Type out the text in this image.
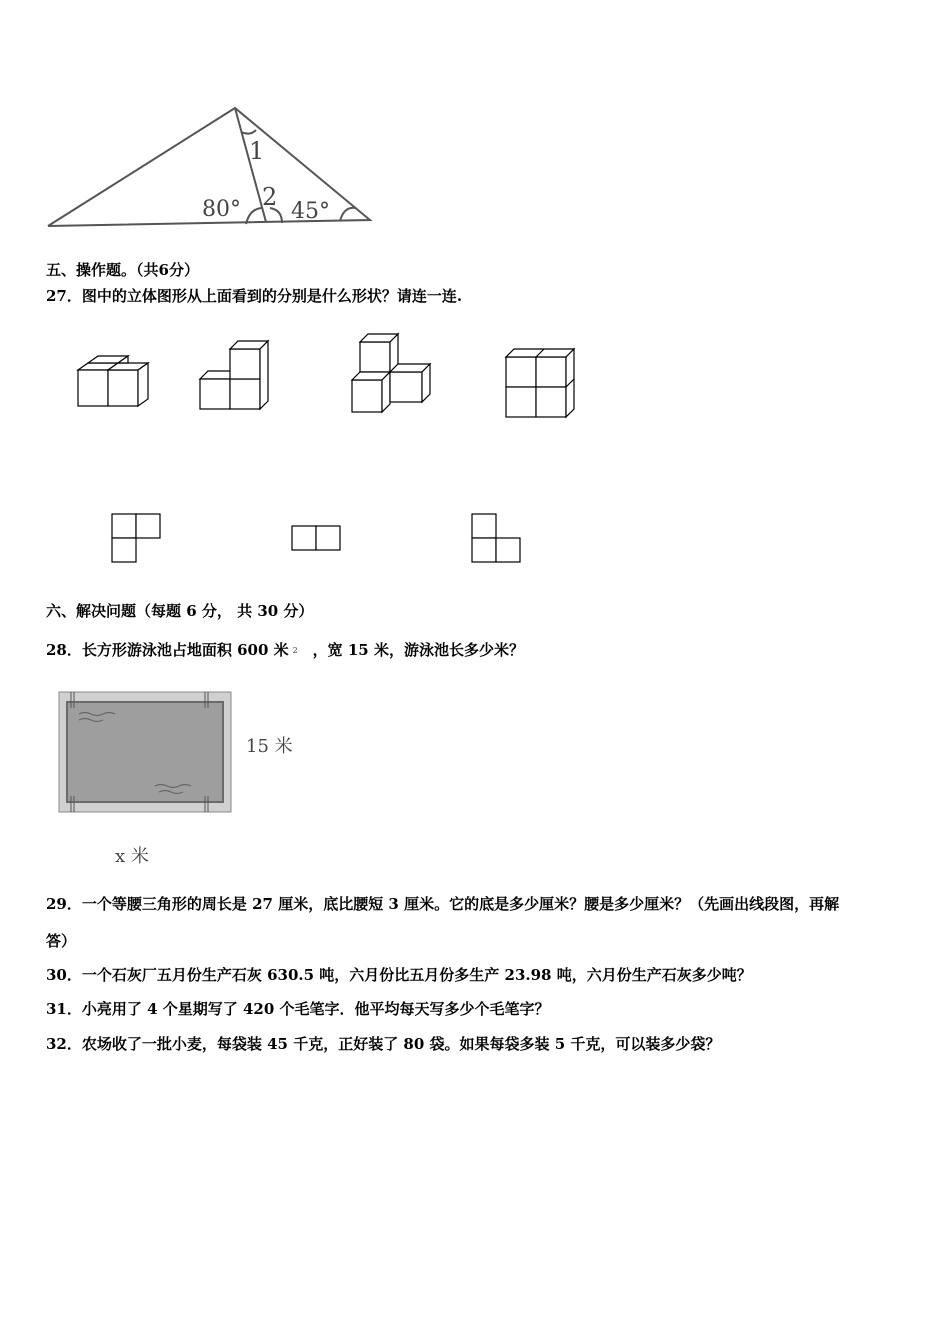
1
2
80° 45°
五、操作题。（共6分）
27．图中的立体图形从上面看到的分别是什么形状？请连一连.
六、解决问题（每题 6 分， 共 30 分）
28．长方形游泳池占地面积 600 米 2 ，宽 15 米，游泳池长多少米？
15 米
x 米
29．一个等腰三角形的周长是 27 厘米，底比腰短 3 厘米。它的底是多少厘米？腰是多少厘米？（先画出线段图，再解
答）
30．一个石灰厂五月份生产石灰 630.5 吨，六月份比五月份多生产 23.98 吨，六月份生产石灰多少吨？
31．小亮用了 4 个星期写了 420 个毛笔字．他平均每天写多少个毛笔字？
32．农场收了一批小麦，每袋装 45 千克，正好装了 80 袋。如果每袋多装 5 千克，可以装多少袋？
